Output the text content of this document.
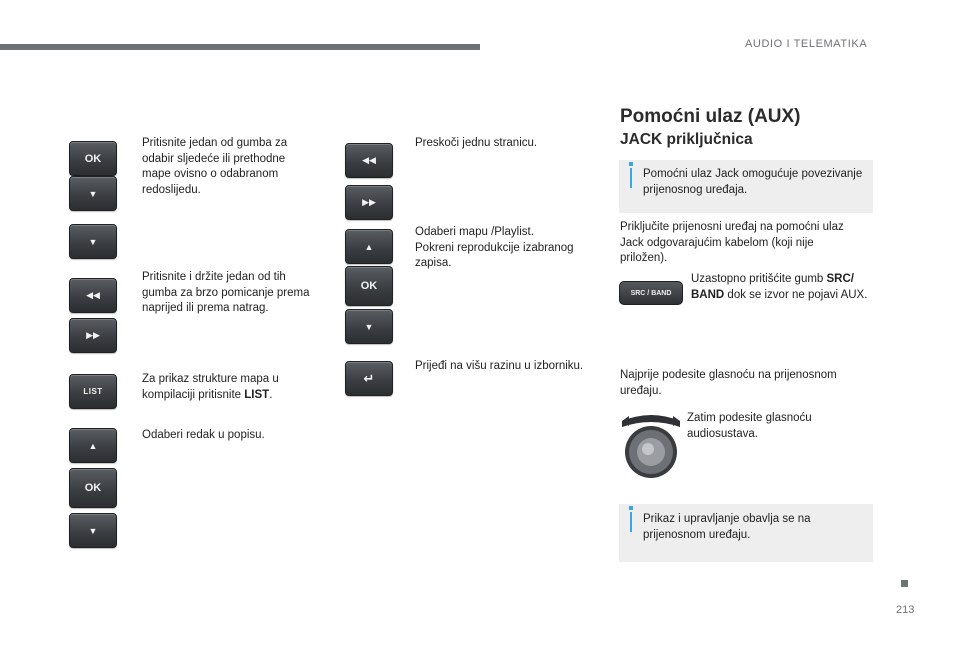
AUDIO I TELEMATIKA
OK
▼
▼
◀◀
▶▶
LIST
▲
OK
▼
Pritisnite jedan od gumba za odabir sljedeće ili prethodne mape ovisno o odabranom redoslijedu.
Pritisnite i držite jedan od tih gumba za brzo pomicanje prema naprijed ili prema natrag.
Za prikaz strukture mapa u kompilaciji pritisnite LIST.
Odaberi redak u popisu.
◀◀
▶▶
▲
OK
▼
↵
Preskoči jednu stranicu.
Odaberi mapu /Playlist.
Pokreni reprodukcije izabranog zapisa.
Prijeđi na višu razinu u izborniku.
Pomoćni ulaz (AUX)
JACK priključnica
Pomoćni ulaz Jack omogućuje povezivanje prijenosnog uređaja.
Priključite prijenosni uređaj na pomoćni ulaz Jack odgovarajućim kabelom (koji nije priložen).
SRC / BAND
Uzastopno pritišćite gumb SRC/ BAND dok se izvor ne pojavi AUX.
Najprije podesite glasnoću na prijenosnom uređaju.
Zatim podesite glasnoću audiosustava.
Prikaz i upravljanje obavlja se na prijenosnom uređaju.
213
